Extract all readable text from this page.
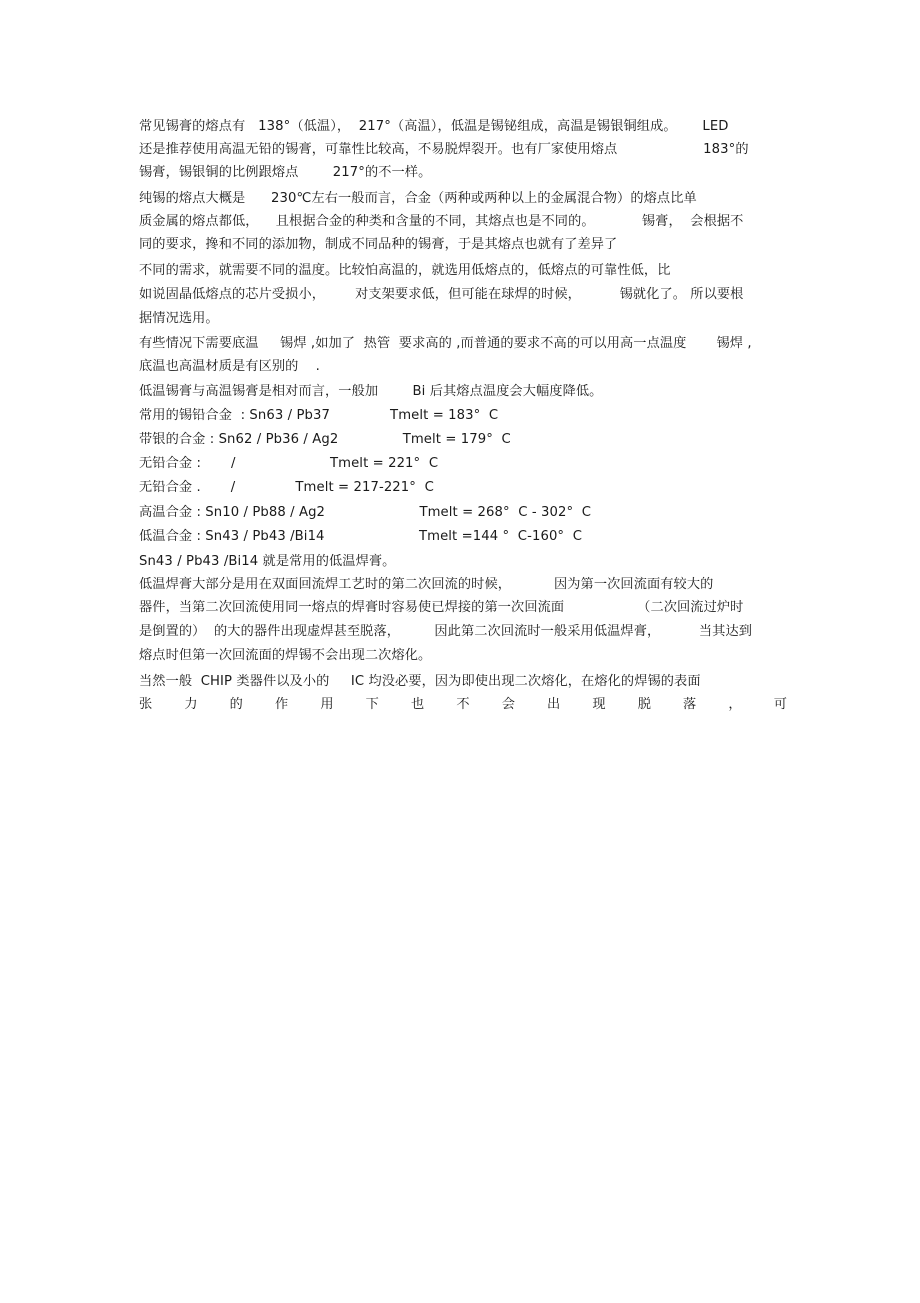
常见锡膏的熔点有   138°（低温），  217°（高温），低温是锡铋组成，高温是锡银铜组成。      LED
还是推荐使用高温无铅的锡膏，可靠性比较高，不易脱焊裂开。也有厂家使用熔点                    183°的
锡膏，锡银铜的比例跟熔点        217°的不一样。
纯锡的熔点大概是      230℃左右一般而言，合金（两种或两种以上的金属混合物）的熔点比单
质金属的熔点都低，    且根据合金的种类和含量的不同，其熔点也是不同的。           锡膏，  会根据不
同的要求，搀和不同的添加物，制成不同品种的锡膏，于是其熔点也就有了差异了
不同的需求，就需要不同的温度。比较怕高温的，就选用低熔点的，低熔点的可靠性低，比
如说固晶低熔点的芯片受损小，       对支架要求低，但可能在球焊的时候，         锡就化了。 所以要根
据情况选用。
有些情况下需要底温     锡焊 ,如加了  热管  要求高的 ,而普通的要求不高的可以用高一点温度       锡焊 ,
底温也高温材质是有区别的    .
低温锡膏与高温锡膏是相对而言，一般加        Bi 后其熔点温度会大幅度降低。
常用的锡铅合金  : Sn63 / Pb37              Tmelt = 183°  C
带银的合金 : Sn62 / Pb36 / Ag2               Tmelt = 179°  C
无铅合金 :       /                      Tmelt = 221°  C
无铅合金 .       /              Tmelt = 217-221°  C
高温合金 : Sn10 / Pb88 / Ag2                      Tmelt = 268°  C - 302°  C
低温合金 : Sn43 / Pb43 /Bi14                      Tmelt =144 °  C-160°  C
Sn43 / Pb43 /Bi14 就是常用的低温焊膏。
低温焊膏大部分是用在双面回流焊工艺时的第二次回流的时候，          因为第一次回流面有较大的
器件，当第二次回流使用同一熔点的焊膏时容易使已焊接的第一次回流面                 （二次回流过炉时
是倒置的）  的大的器件出现虚焊甚至脱落，        因此第二次回流时一般采用低温焊膏，         当其达到
熔点时但第一次回流面的焊锡不会出现二次熔化。
当然一般  CHIP 类器件以及小的     IC 均没必要，因为即使出现二次熔化，在熔化的焊锡的表面
张 力 的 作 用 下 也 不 会 出 现 脱 落 ， 可
